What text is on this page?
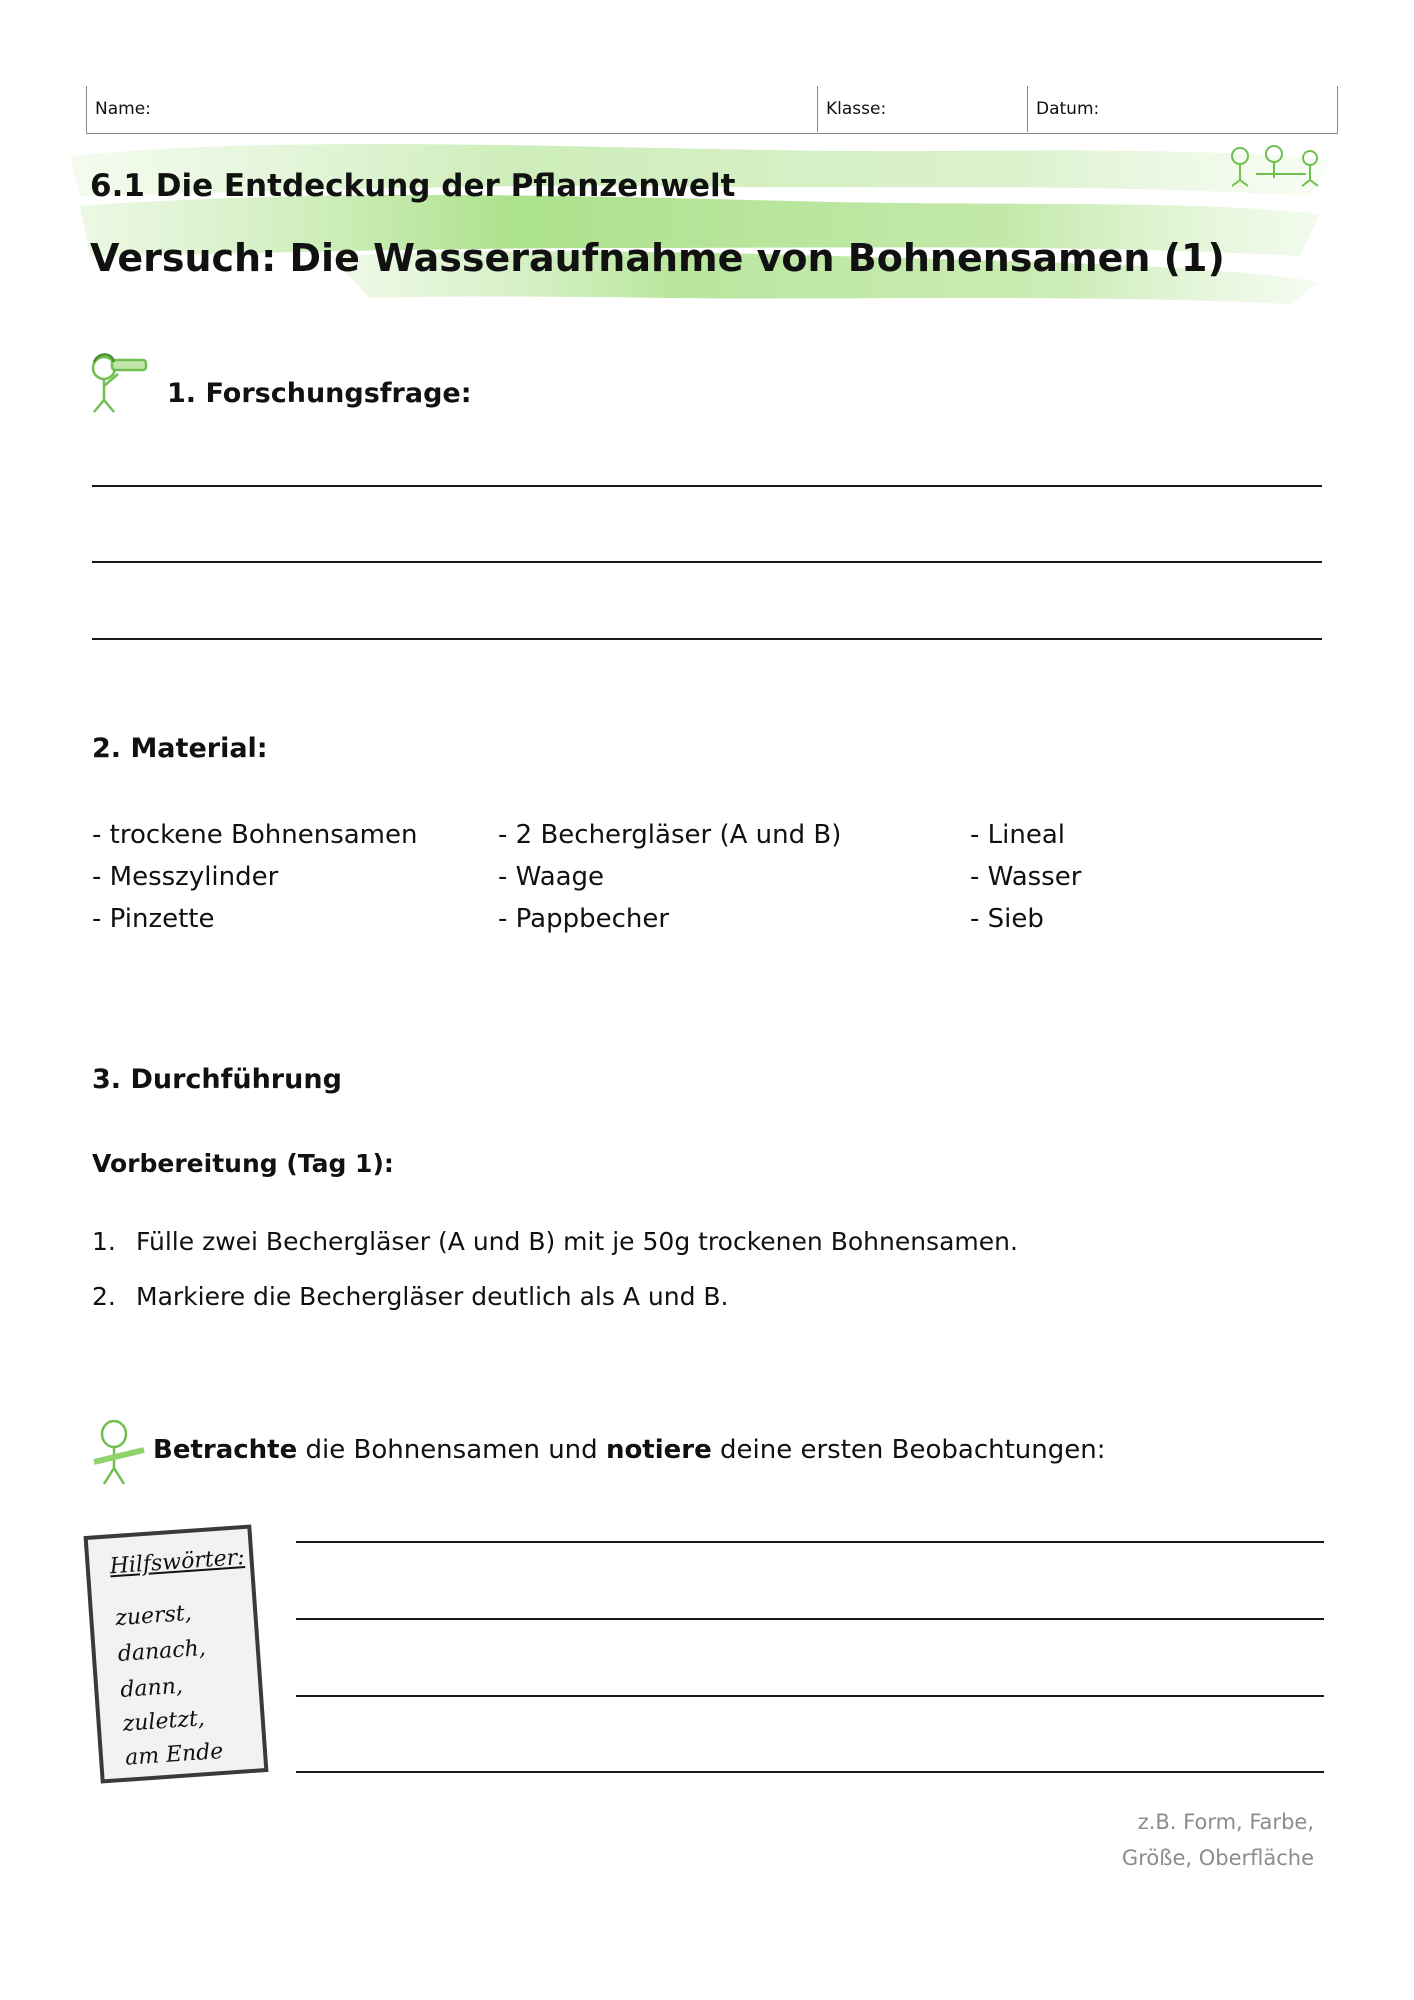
Name:	Klasse:	Datum:
6.1 Die Entdeckung der Pflanzenwelt
Versuch: Die Wasseraufnahme von Bohnensamen (1)
1. Forschungsfrage:
2. Material:
- trockene Bohnensamen
- Messzylinder
- Pinzette
- 2 Bechergläser (A und B)
- Waage
- Pappbecher
- Lineal
- Wasser
- Sieb
3. Durchführung
Vorbereitung (Tag 1):
1. Fülle zwei Bechergläser (A und B) mit je 50g trockenen Bohnensamen.
2. Markiere die Bechergläser deutlich als A und B.
Betrachte die Bohnensamen und notiere deine ersten Beobachtungen:
Hilfswörter:
zuerst,
danach,
dann,
zuletzt,
am Ende
z.B. Form, Farbe,
Größe, Oberfläche
